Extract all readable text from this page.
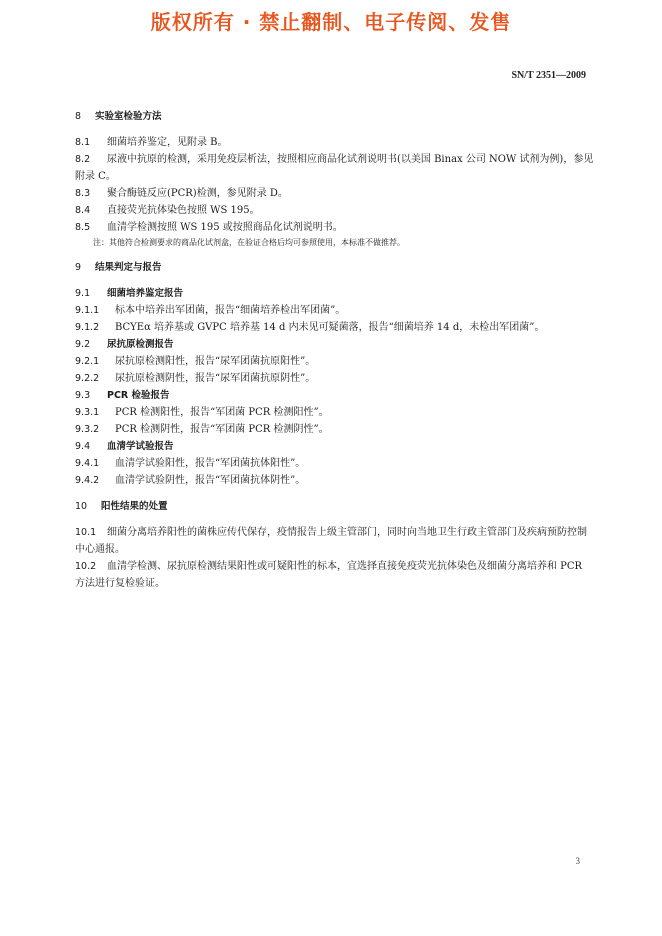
版权所有 · 禁止翻制、电子传阅、发售
SN/T 2351—2009
8 实验室检验方法
8.1 细菌培养鉴定，见附录 B。
8.2 尿液中抗原的检测，采用免疫层析法，按照相应商品化试剂说明书(以美国 Binax 公司 NOW 试剂为例)，参见附录 C。
8.3 聚合酶链反应(PCR)检测，参见附录 D。
8.4 直接荧光抗体染色按照 WS 195。
8.5 血清学检测按照 WS 195 或按照商品化试剂说明书。
注：其他符合检测要求的商品化试剂盒，在验证合格后均可参照使用，本标准不做推荐。
9 结果判定与报告
9.1 细菌培养鉴定报告
9.1.1 标本中培养出军团菌，报告“细菌培养检出军团菌”。
9.1.2 BCYEα 培养基或 GVPC 培养基 14 d 内未见可疑菌落，报告“细菌培养 14 d，未检出军团菌”。
9.2 尿抗原检测报告
9.2.1 尿抗原检测阳性，报告“尿军团菌抗原阳性”。
9.2.2 尿抗原检测阴性，报告“尿军团菌抗原阴性”。
9.3 PCR 检验报告
9.3.1 PCR 检测阳性，报告“军团菌 PCR 检测阳性”。
9.3.2 PCR 检测阴性，报告“军团菌 PCR 检测阴性”。
9.4 血清学试验报告
9.4.1 血清学试验阳性，报告“军团菌抗体阳性”。
9.4.2 血清学试验阴性，报告“军团菌抗体阴性”。
10 阳性结果的处置
10.1 细菌分离培养阳性的菌株应传代保存，疫情报告上级主管部门，同时向当地卫生行政主管部门及疾病预防控制中心通报。
10.2 血清学检测、尿抗原检测结果阳性或可疑阳性的标本，宜选择直接免疫荧光抗体染色及细菌分离培养和 PCR 方法进行复检验证。
3
